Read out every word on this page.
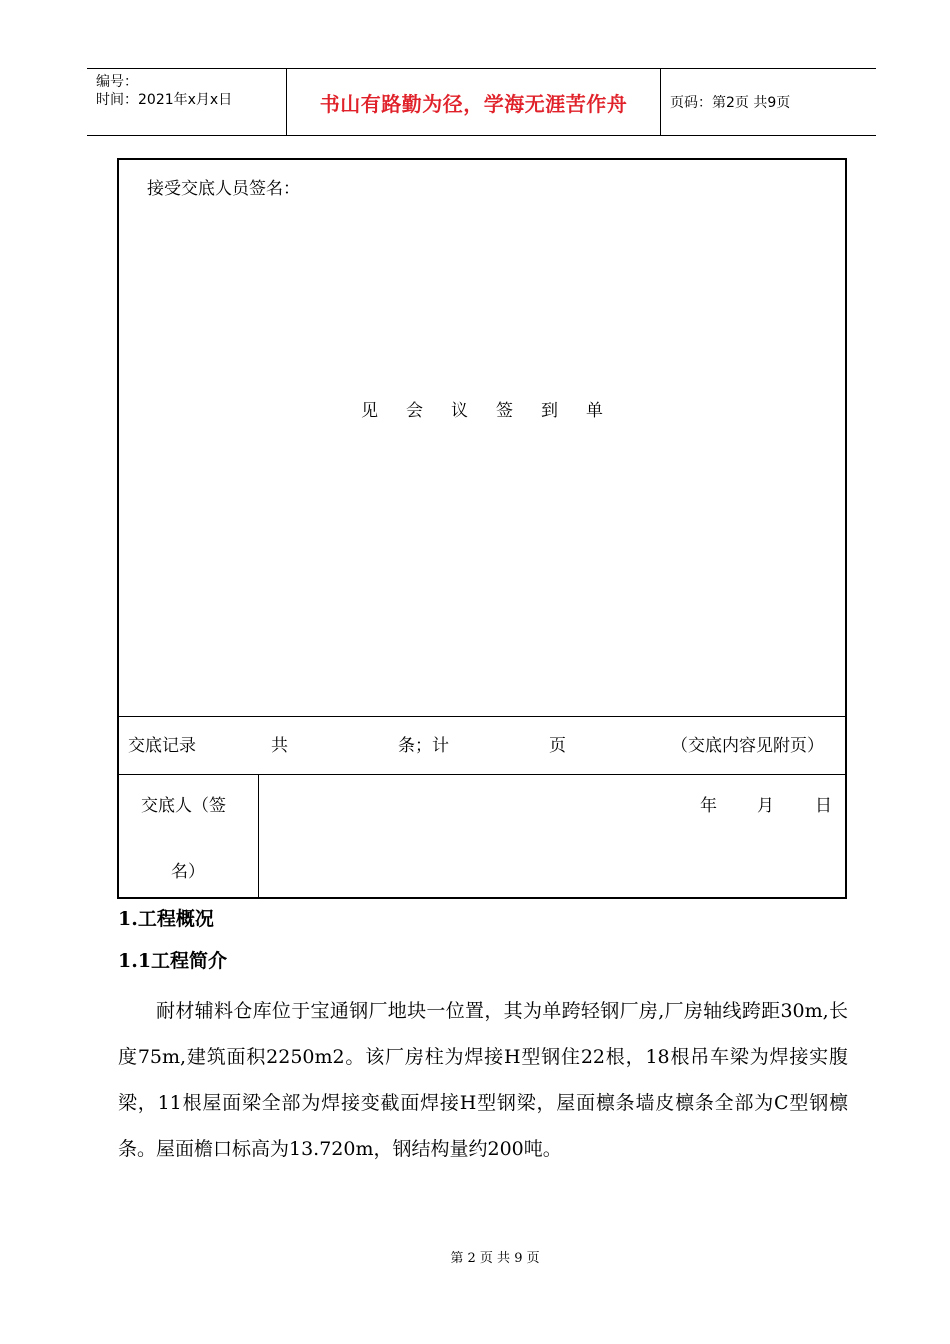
编号：
时间：2021年x月x日	书山有路勤为径，学海无涯苦作舟	页码：第2页 共9页
接受交底人员签名：
见会议签到单
交底记录	共	条；计	页	（交底内容见附页）
交底人（签
名）
年 月 日
1.工程概况
1.1工程简介
耐材辅料仓库位于宝通钢厂地块一位置，其为单跨轻钢厂房,厂房轴线跨距30m,长度75m,建筑面积2250m2。该厂房柱为焊接H型钢住22根，18根吊车梁为焊接实腹梁，11根屋面梁全部为焊接变截面焊接H型钢梁，屋面檩条墙皮檩条全部为C型钢檩条。屋面檐口标高为13.720m，钢结构量约200吨。
第 2 页 共 9 页
